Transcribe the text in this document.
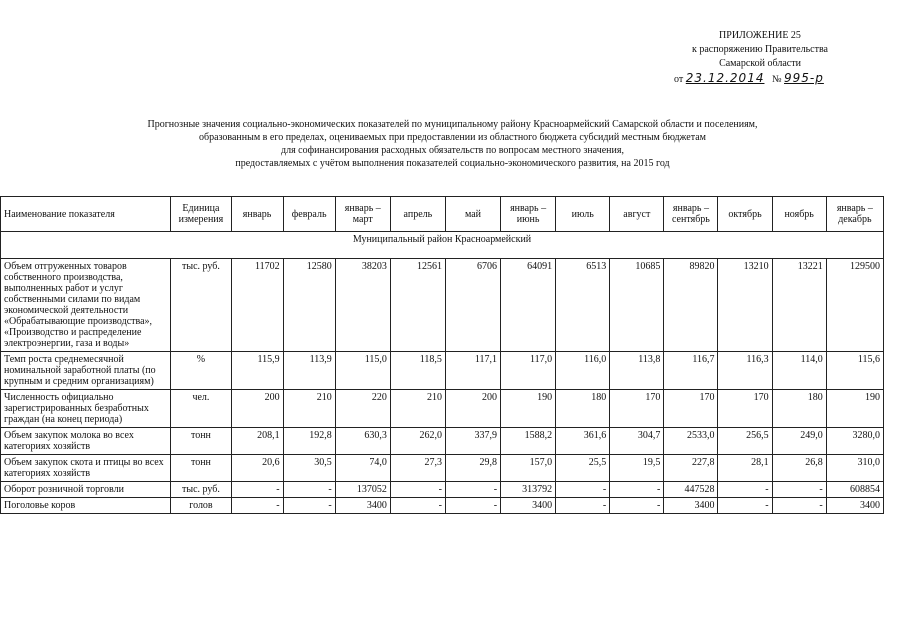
ПРИЛОЖЕНИЕ 25
к распоряжению Правительства
Самарской области
от 23.12.2014 № 995-р
Прогнозные значения социально-экономических показателей по муниципальному району Красноармейский Самарской области и поселениям,
образованным в его пределах, оцениваемых при предоставлении из областного бюджета субсидий местным бюджетам
для софинансирования расходных обязательств по вопросам местного значения,
предоставляемых с учётом выполнения показателей социально-экономического развития, на 2015 год
Наименование показателя	Единица измерения	январь	февраль	январь – март	апрель	май	январь – июнь	июль	август	январь – сентябрь	октябрь	ноябрь	январь – декабрь
Муниципальный район Красноармейский													
Объем отгруженных товаров собственного производства, выполненных работ и услуг собственными силами по видам экономической деятельности «Обрабатывающие производства», «Производство и распределение электроэнергии, газа и воды»	тыс. руб.	11702	12580	38203	12561	6706	64091	6513	10685	89820	13210	13221	129500
Темп роста среднемесячной номинальной заработной платы (по крупным и средним организациям)	%	115,9	113,9	115,0	118,5	117,1	117,0	116,0	113,8	116,7	116,3	114,0	115,6
Численность официально зарегистрированных безработных граждан (на конец периода)	чел.	200	210	220	210	200	190	180	170	170	170	180	190
Объем закупок молока во всех категориях хозяйств	тонн	208,1	192,8	630,3	262,0	337,9	1588,2	361,6	304,7	2533,0	256,5	249,0	3280,0
Объем закупок скота и птицы во всех категориях хозяйств	тонн	20,6	30,5	74,0	27,3	29,8	157,0	25,5	19,5	227,8	28,1	26,8	310,0
Оборот розничной торговли	тыс. руб.	-	-	137052	-	-	313792	-	-	447528	-	-	608854
Поголовье коров	голов	-	-	3400	-	-	3400	-	-	3400	-	-	3400
